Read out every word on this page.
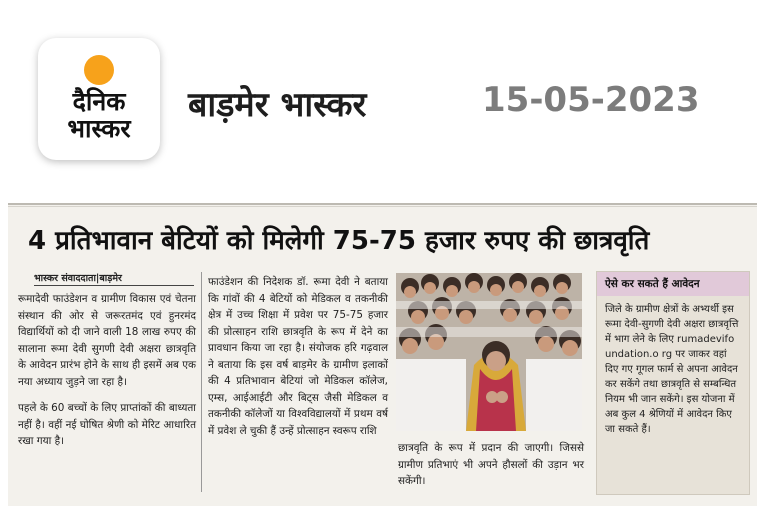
दैनिक
भास्कर
बाड़मेर भास्कर	15-05-2023
4 प्रतिभावान बेटियों को मिलेगी 75-75 हजार रुपए की छात्रवृति
भास्कर संवाददाता|बाड़मेर
रूमादेवी फाउंडेशन व ग्रामीण विकास एवं चेतना संस्थान की ओर से जरूरतमंद एवं हुनरमंद विद्यार्थियों को दी जाने वाली 18 लाख रुपए की सालाना रूमा देवी सुगणी देवी अक्षरा छात्रवृति के आवेदन प्रारंभ होने के साथ ही इसमें अब एक नया अध्याय जुड़ने जा रहा है।
पहले के 60 बच्चों के लिए प्राप्तांकों की बाध्यता नहीं है। वहीं नई घोषित श्रेणी को मेरिट आधारित रखा गया है।
फाउंडेशन की निदेशक डॉ. रूमा देवी ने बताया कि गांवों की 4 बेटियों को मेडिकल व तकनीकी क्षेत्र में उच्च शिक्षा में प्रवेश पर 75-75 हजार की प्रोत्साहन राशि छात्रवृति के रूप में देने का प्रावधान किया जा रहा है। संयोजक हरि गढ़वाल ने बताया कि इस वर्ष बाड़मेर के ग्रामीण इलाकों की 4 प्रतिभावान बेटियां जो मेडिकल कॉलेज, एम्स, आईआईटी और बिट्स जैसी मेडिकल व तकनीकी कॉलेजों या विश्वविद्यालयों में प्रथम वर्ष में प्रवेश ले चुकी हैं उन्हें प्रोत्साहन स्वरूप राशि
छात्रवृति के रूप में प्रदान की जाएगी। जिससे ग्रामीण प्रतिभाएं भी अपने हौसलों की उड़ान भर सकेंगी।
ऐसे कर सकते हैं आवेदन
जिले के ग्रामीण क्षेत्रों के अभ्यर्थी इस रूमा देवी-सुगणी देवी अक्षरा छात्रवृत्ति में भाग लेने के लिए rumadevifo undation.o rg पर जाकर वहां दिए गए गूगल फार्म से अपना आवेदन कर सकेंगे तथा छात्रवृति से सम्बन्धित नियम भी जान सकेंगे। इस योजना में अब कुल 4 श्रेणियों में आवेदन किए जा सकते हैं।
